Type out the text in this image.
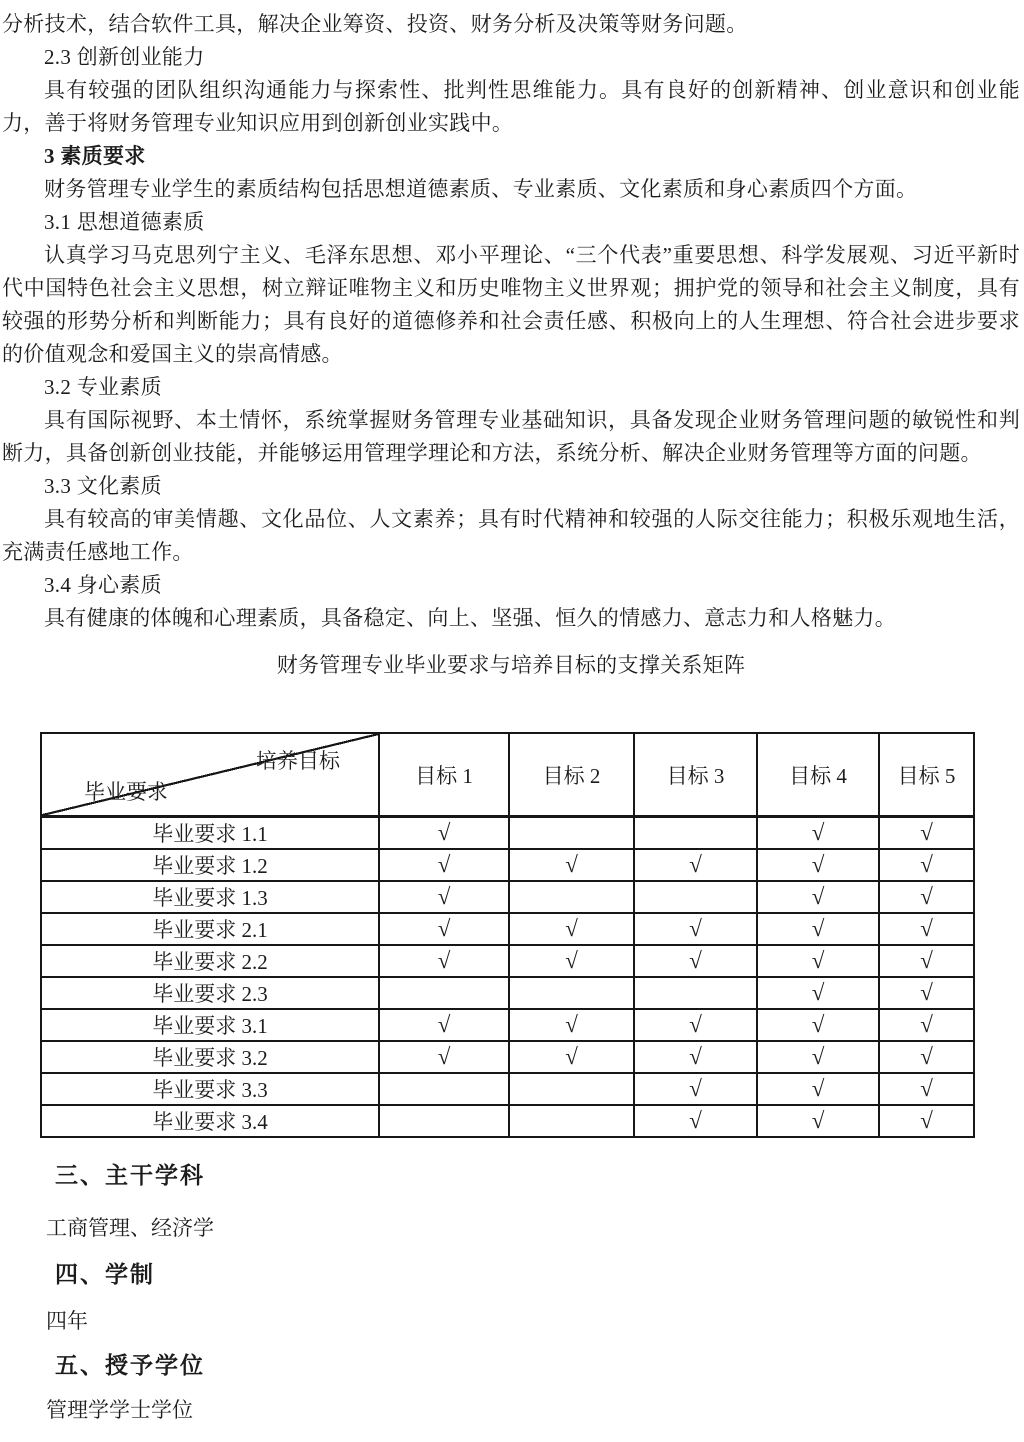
分析技术，结合软件工具，解决企业筹资、投资、财务分析及决策等财务问题。

2.3 创新创业能力

具有较强的团队组织沟通能力与探索性、批判性思维能力。具有良好的创新精神、创业意识和创业能力，善于将财务管理专业知识应用到创新创业实践中。

3 素质要求

财务管理专业学生的素质结构包括思想道德素质、专业素质、文化素质和身心素质四个方面。

3.1 思想道德素质

认真学习马克思列宁主义、毛泽东思想、邓小平理论、“三个代表”重要思想、科学发展观、习近平新时代中国特色社会主义思想，树立辩证唯物主义和历史唯物主义世界观；拥护党的领导和社会主义制度，具有较强的形势分析和判断能力；具有良好的道德修养和社会责任感、积极向上的人生理想、符合社会进步要求的价值观念和爱国主义的崇高情感。

3.2 专业素质

具有国际视野、本土情怀，系统掌握财务管理专业基础知识，具备发现企业财务管理问题的敏锐性和判断力，具备创新创业技能，并能够运用管理学理论和方法，系统分析、解决企业财务管理等方面的问题。

3.3 文化素质

具有较高的审美情趣、文化品位、人文素养；具有时代精神和较强的人际交往能力；积极乐观地生活，充满责任感地工作。

3.4 身心素质

具有健康的体魄和心理素质，具备稳定、向上、坚强、恒久的情感力、意志力和人格魅力。

财务管理专业毕业要求与培养目标的支撑关系矩阵

培养目标
毕业要求	目标 1	目标 2	目标 3	目标 4	目标 5
毕业要求 1.1	√			√	√
毕业要求 1.2	√	√	√	√	√
毕业要求 1.3	√			√	√
毕业要求 2.1	√	√	√	√	√
毕业要求 2.2	√	√	√	√	√
毕业要求 2.3				√	√
毕业要求 3.1	√	√	√	√	√
毕业要求 3.2	√	√	√	√	√
毕业要求 3.3			√	√	√
毕业要求 3.4			√	√	√
三、主干学科

工商管理、经济学

四、学制

四年

五、授予学位

管理学学士学位
